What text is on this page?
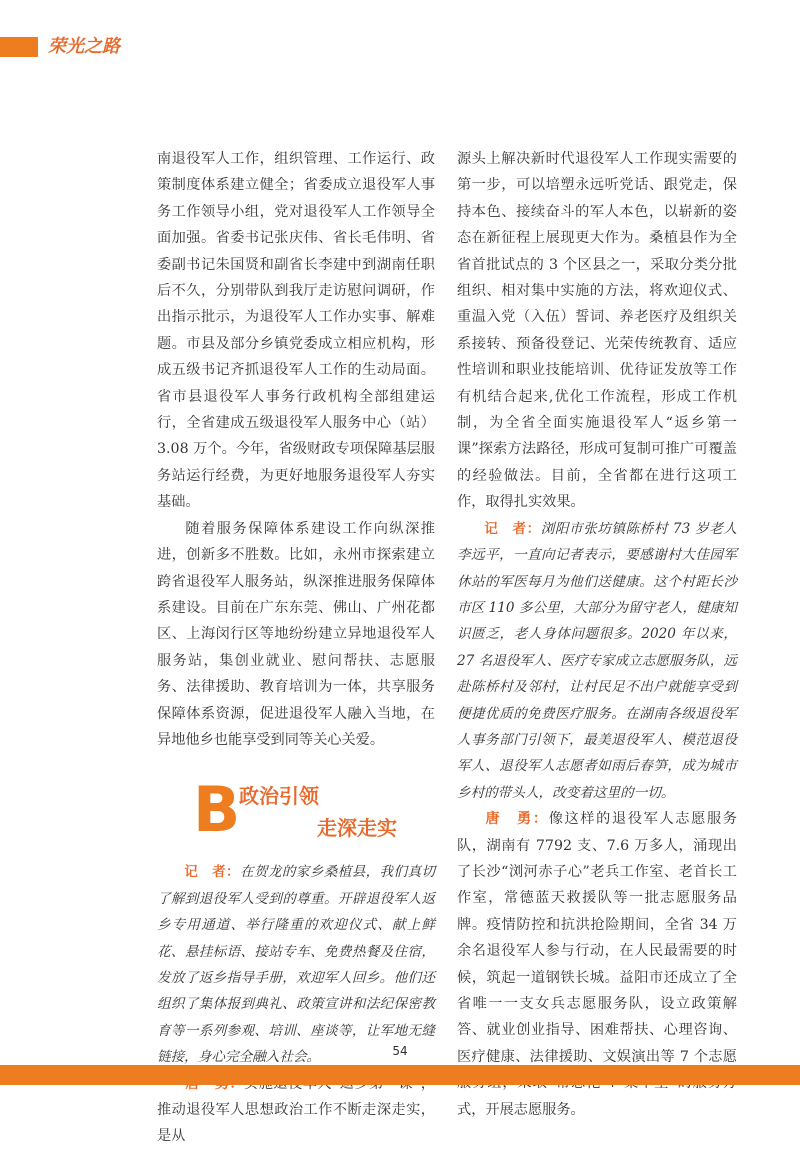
荣光之路

南退役军人工作，组织管理、工作运行、政策制度体系建立健全；省委成立退役军人事务工作领导小组，党对退役军人工作领导全面加强。省委书记张庆伟、省长毛伟明、省委副书记朱国贤和副省长李建中到湖南任职后不久，分别带队到我厅走访慰问调研，作出指示批示，为退役军人工作办实事、解难题。市县及部分乡镇党委成立相应机构，形成五级书记齐抓退役军人工作的生动局面。省市县退役军人事务行政机构全部组建运行，全省建成五级退役军人服务中心（站）3.08 万个。今年，省级财政专项保障基层服务站运行经费，为更好地服务退役军人夯实基础。

随着服务保障体系建设工作向纵深推进，创新多不胜数。比如，永州市探索建立跨省退役军人服务站，纵深推进服务保障体系建设。目前在广东东莞、佛山、广州花都区、上海闵行区等地纷纷建立异地退役军人服务站，集创业就业、慰问帮扶、志愿服务、法律援助、教育培训为一体，共享服务保障体系资源，促进退役军人融入当地，在异地他乡也能享受到同等关心关爱。

B
政治引领
走深走实

记　者：在贺龙的家乡桑植县，我们真切了解到退役军人受到的尊重。开辟退役军人返乡专用通道、举行隆重的欢迎仪式、献上鲜花、悬挂标语、接站专车、免费热餐及住宿，发放了返乡指导手册，欢迎军人回乡。他们还组织了集体报到典礼、政策宣讲和法纪保密教育等一系列参观、培训、座谈等，让军地无缝链接，身心完全融入社会。

推动退役军人思想政治工作不断走深走实，是从

源头上解决新时代退役军人工作现实需要的第一步，可以培塑永远听党话、跟党走，保持本色、接续奋斗的军人本色，以崭新的姿态在新征程上展现更大作为。桑植县作为全省首批试点的 3 个区县之一，采取分类分批组织、相对集中实施的方法，将欢迎仪式、重温入党（入伍）誓词、养老医疗及组织关系接转、预备役登记、光荣传统教育、适应性培训和职业技能培训、优待证发放等工作有机结合起来,优化工作流程，形成工作机制，为全省全面实施退役军人“返乡第一课”探索方法路径，形成可复制可推广可覆盖的经验做法。目前，全省都在进行这项工作，取得扎实效果。

记　者：浏阳市张坊镇陈桥村 73 岁老人李远平，一直向记者表示，要感谢村大佳园军休站的军医每月为他们送健康。这个村距长沙市区 110 多公里，大部分为留守老人，健康知识匮乏，老人身体问题很多。2020 年以来，27 名退役军人、医疗专家成立志愿服务队，远赴陈桥村及邻村，让村民足不出户就能享受到便捷优质的免费医疗服务。在湖南各级退役军人事务部门引领下，最美退役军人、模范退役军人、退役军人志愿者如雨后春笋，成为城市乡村的带头人，改变着这里的一切。

唐　勇：像这样的退役军人志愿服务队，湖南有 7792 支、7.6 万多人，涌现出了长沙“浏河赤子心”老兵工作室、老首长工作室，常德蓝天救援队等一批志愿服务品牌。疫情防控和抗洪抢险期间，全省 34 万余名退役军人参与行动，在人民最需要的时候，筑起一道钢铁长城。益阳市还成立了全省唯一一支女兵志愿服务队，设立政策解答、就业创业指导、困难帮扶、心理咨询、医疗健康、法律援助、文娱演出等 7 个志愿 式，开展志愿服务。

54
